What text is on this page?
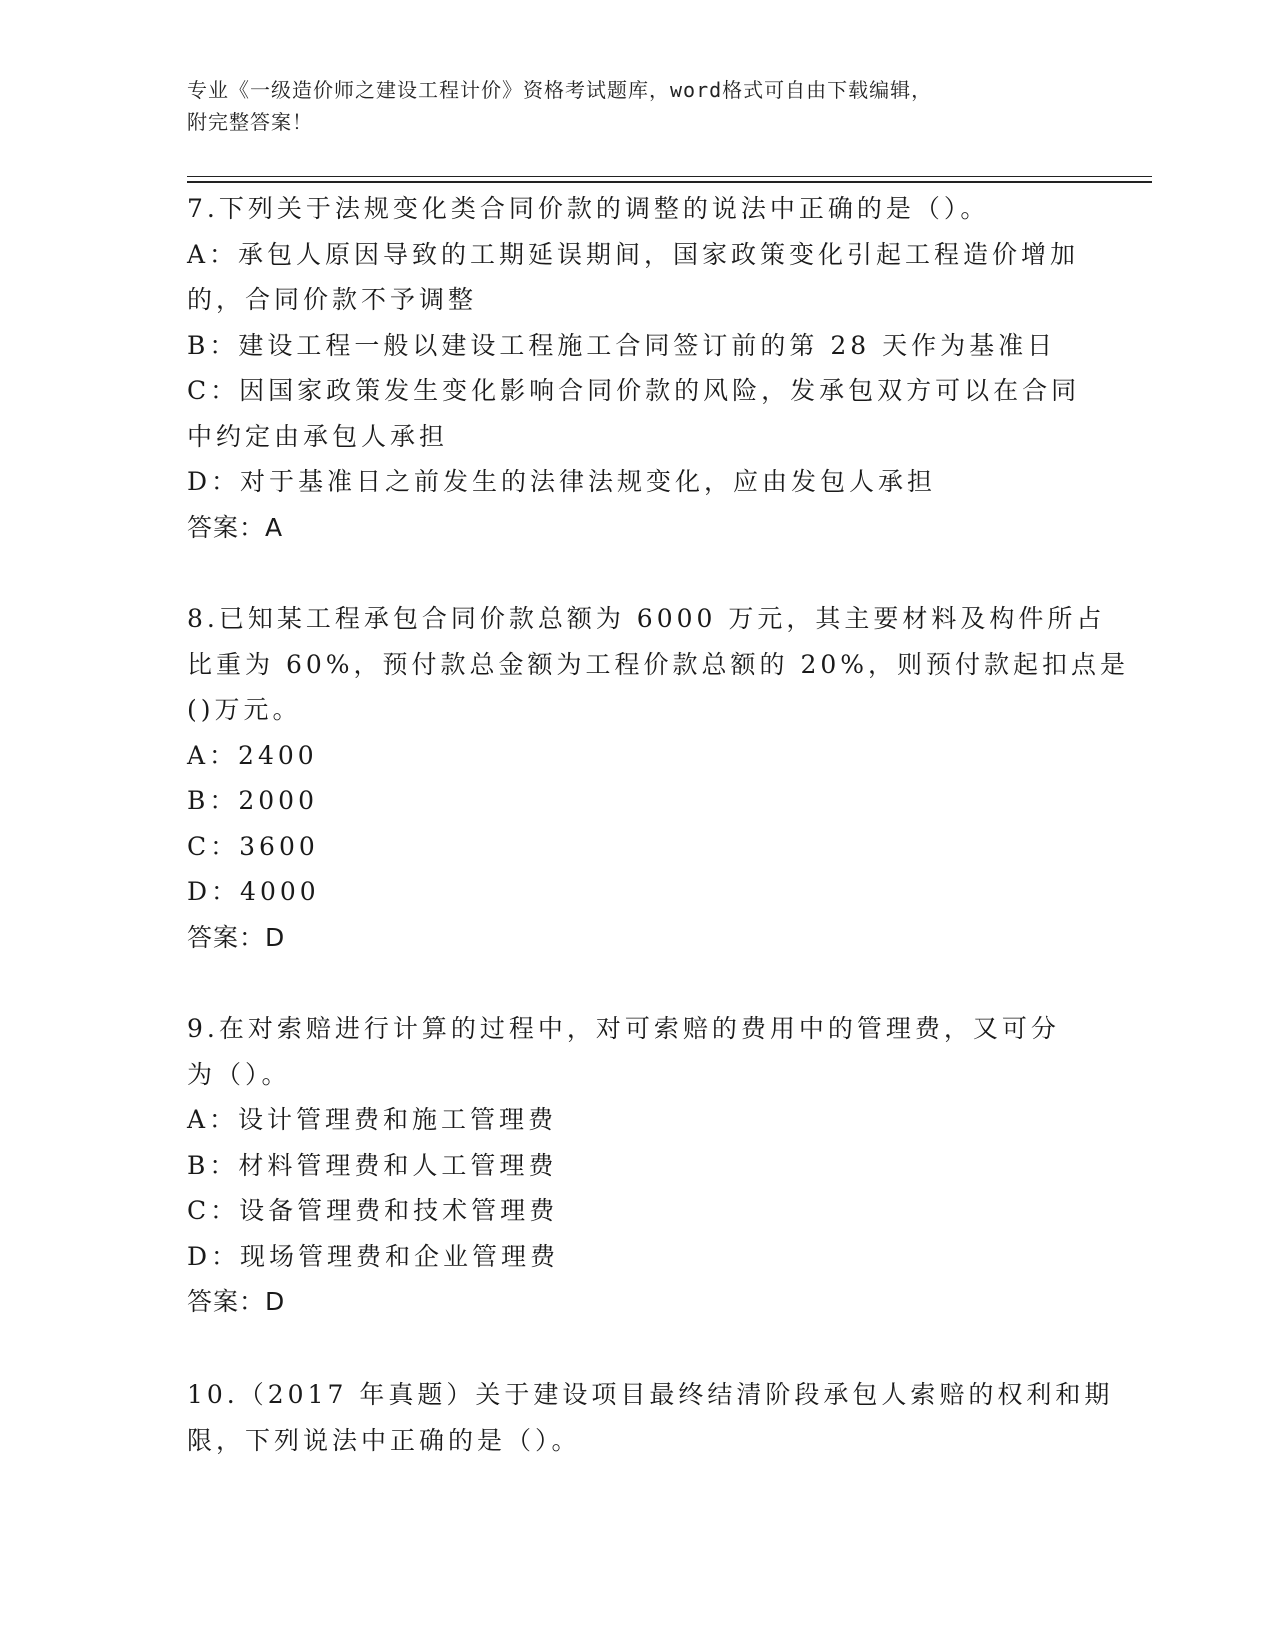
专业《一级造价师之建设工程计价》资格考试题库，word格式可自由下载编辑，
附完整答案！
7.下列关于法规变化类合同价款的调整的说法中正确的是（）。
A：承包人原因导致的工期延误期间，国家政策变化引起工程造价增加
的，合同价款不予调整
B：建设工程一般以建设工程施工合同签订前的第 28 天作为基准日
C：因国家政策发生变化影响合同价款的风险，发承包双方可以在合同
中约定由承包人承担
D：对于基准日之前发生的法律法规变化，应由发包人承担
答案：A
8.已知某工程承包合同价款总额为 6000 万元，其主要材料及构件所占
比重为 60%，预付款总金额为工程价款总额的 20%，则预付款起扣点是
()万元。
A：2400
B：2000
C：3600
D：4000
答案：D
9.在对索赔进行计算的过程中，对可索赔的费用中的管理费，又可分
为（）。
A：设计管理费和施工管理费
B：材料管理费和人工管理费
C：设备管理费和技术管理费
D：现场管理费和企业管理费
答案：D
10.（2017 年真题）关于建设项目最终结清阶段承包人索赔的权利和期
限，下列说法中正确的是（）。
